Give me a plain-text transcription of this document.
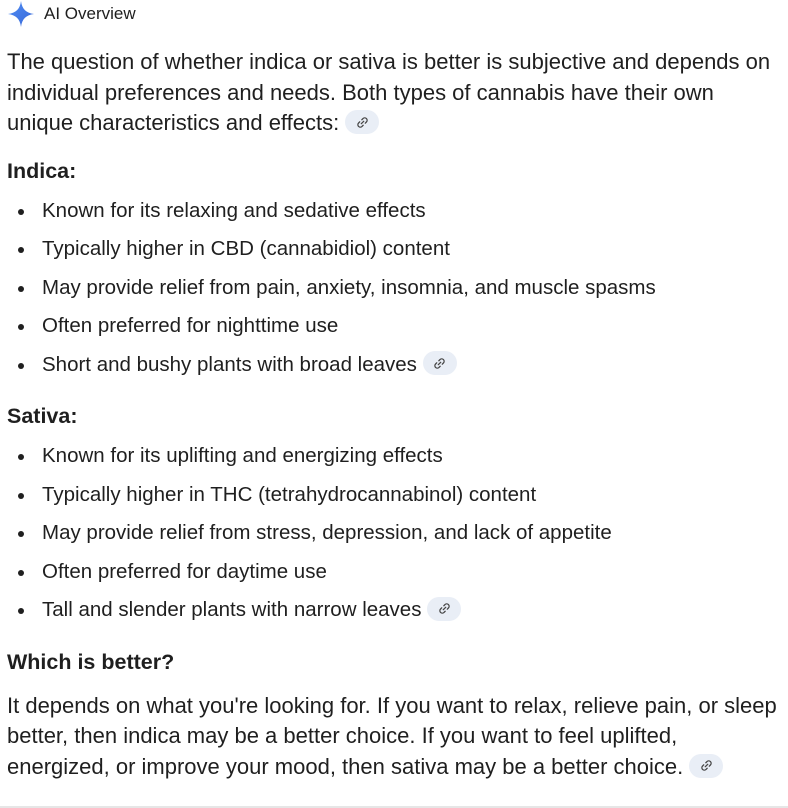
AI Overview

The question of whether indica or sativa is better is subjective and depends on individual preferences and needs. Both types of cannabis have their own unique characteristics and effects:

Indica:
Known for its relaxing and sedative effects
Typically higher in CBD (cannabidiol) content
May provide relief from pain, anxiety, insomnia, and muscle spasms
Often preferred for nighttime use
Short and bushy plants with broad leaves
Sativa:
Known for its uplifting and energizing effects
Typically higher in THC (tetrahydrocannabinol) content
May provide relief from stress, depression, and lack of appetite
Often preferred for daytime use
Tall and slender plants with narrow leaves
Which is better?

It depends on what you're looking for. If you want to relax, relieve pain, or sleep better, then indica may be a better choice. If you want to feel uplifted, energized, or improve your mood, then sativa may be a better choice.
